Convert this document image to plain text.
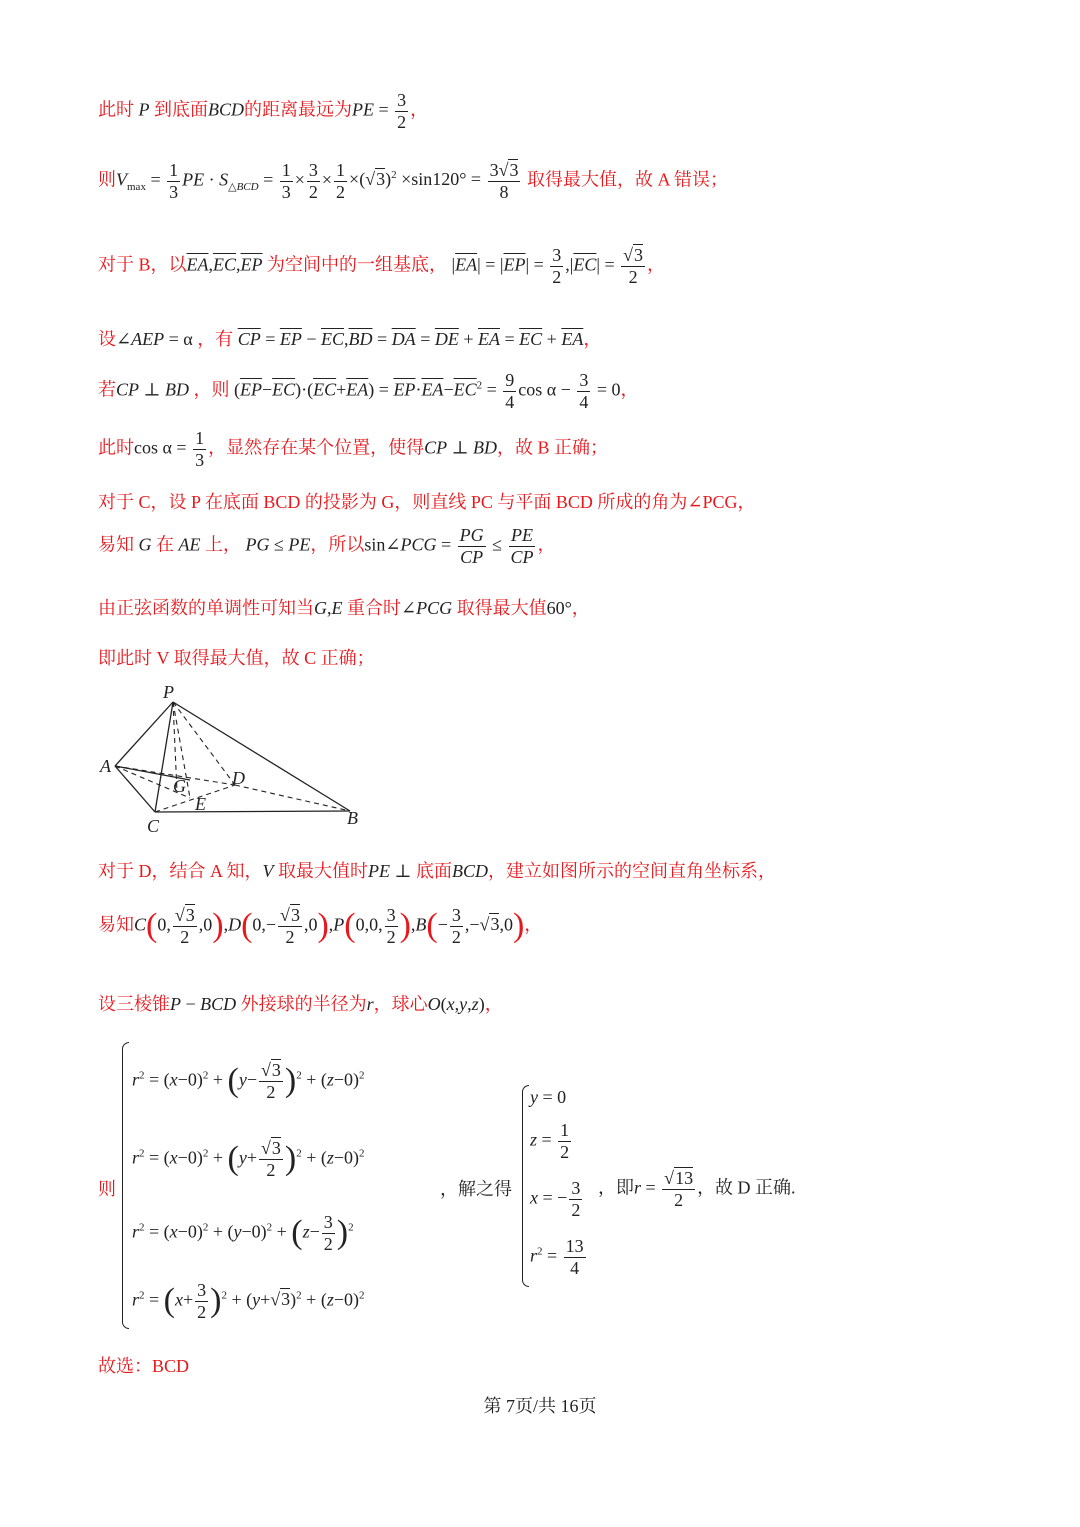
此时 P 到底面BCD的距离最远为PE = $\frac{3}{2}$ ，
则$V_{max} = \frac{1}{3}$ PE · $S_{\triangle BCD} = \frac{1}{3} \times \frac{3}{2} \times \frac{1}{2} \times(√3)^2 \times\sin 120^\circ = \frac{3√3}{8}$ 取得最大值，故 A 错误；
对于 B，以$\overline{EA},\overline{EC},\overline{EP}$ 为空间中的一组基底， $|\overline{EA}| = |\overline{EP}| = \frac{3}{2} ,|\overline{EC}| = \frac{√3}{2}$ ，
设∠AEP = α ，有 $\overline{CP} = \overline{EP} - \overline{EC},\overline{BD} = \overline{DA} = \overline{DE} + \overline{EA} = \overline{EC} + \overline{EA}$，
若CP ⊥ BD ，则 $(\overline{EP}-\overline{EC})\cdot(\overline{EC}+\overline{EA}) = \overline{EP}\cdot\overline{EA}-\overline{EC}^2 = \frac{9}{4}$ $\cos \alpha - \frac{3}{4} = 0$，
此时$\cos \alpha = \frac{1}{3}$ ，显然存在某个位置，使得CP ⊥ BD，故 B 正确；
对于 C，设 P 在底面 BCD 的投影为 G，则直线 PC 与平面 BCD 所成的角为∠PCG，
易知 G 在 AE 上， PG ≤ PE，所以sin∠PCG = $\frac{PG}{CP} \le \frac{PE}{CP}$ ，
由正弦函数的单调性可知当G,E 重合时∠PCG 取得最大值60°，
即此时 V 取得最大值，故 C 正确；
P
A
G	D
E
C	B
对于 D，结合 A 知，V 取最大值时PE ⊥ 底面BCD，建立如图所示的空间直角坐标系，
易知C(0, $\frac{√3}{2} ,0),D(0,- \frac{√3}{2} ,0),P(0,0$, $\frac{3}{2} ),B(- \frac{3}{2} ,-√3,0)$，
设三棱锥P − BCD 外接球的半径为r，球心O(x,y,z)，
则
$r^2 = (x-0)^2 + (y- \frac{√3}{2} )^2 + (z-0)^2$
$r^2 = (x-0)^2 + (y+ \frac{√3}{2} )^2 + (z-0)^2$
$r^2 = (x-0)^2 + (y-0)^2 + (z- \frac{3}{2} )^2$
$r^2 = (x+ \frac{3}{2} )^2 + (y+√3)^2 + (z-0)^2$
，解之得
y = 0
$z = \frac{1}{2}$
x = − $\frac{3}{2}$
$r^2 = \frac{13}{4}$
，即$r = \frac{√13}{2}$ ，故 D 正确.
故选：BCD
第 7页/共 16页
